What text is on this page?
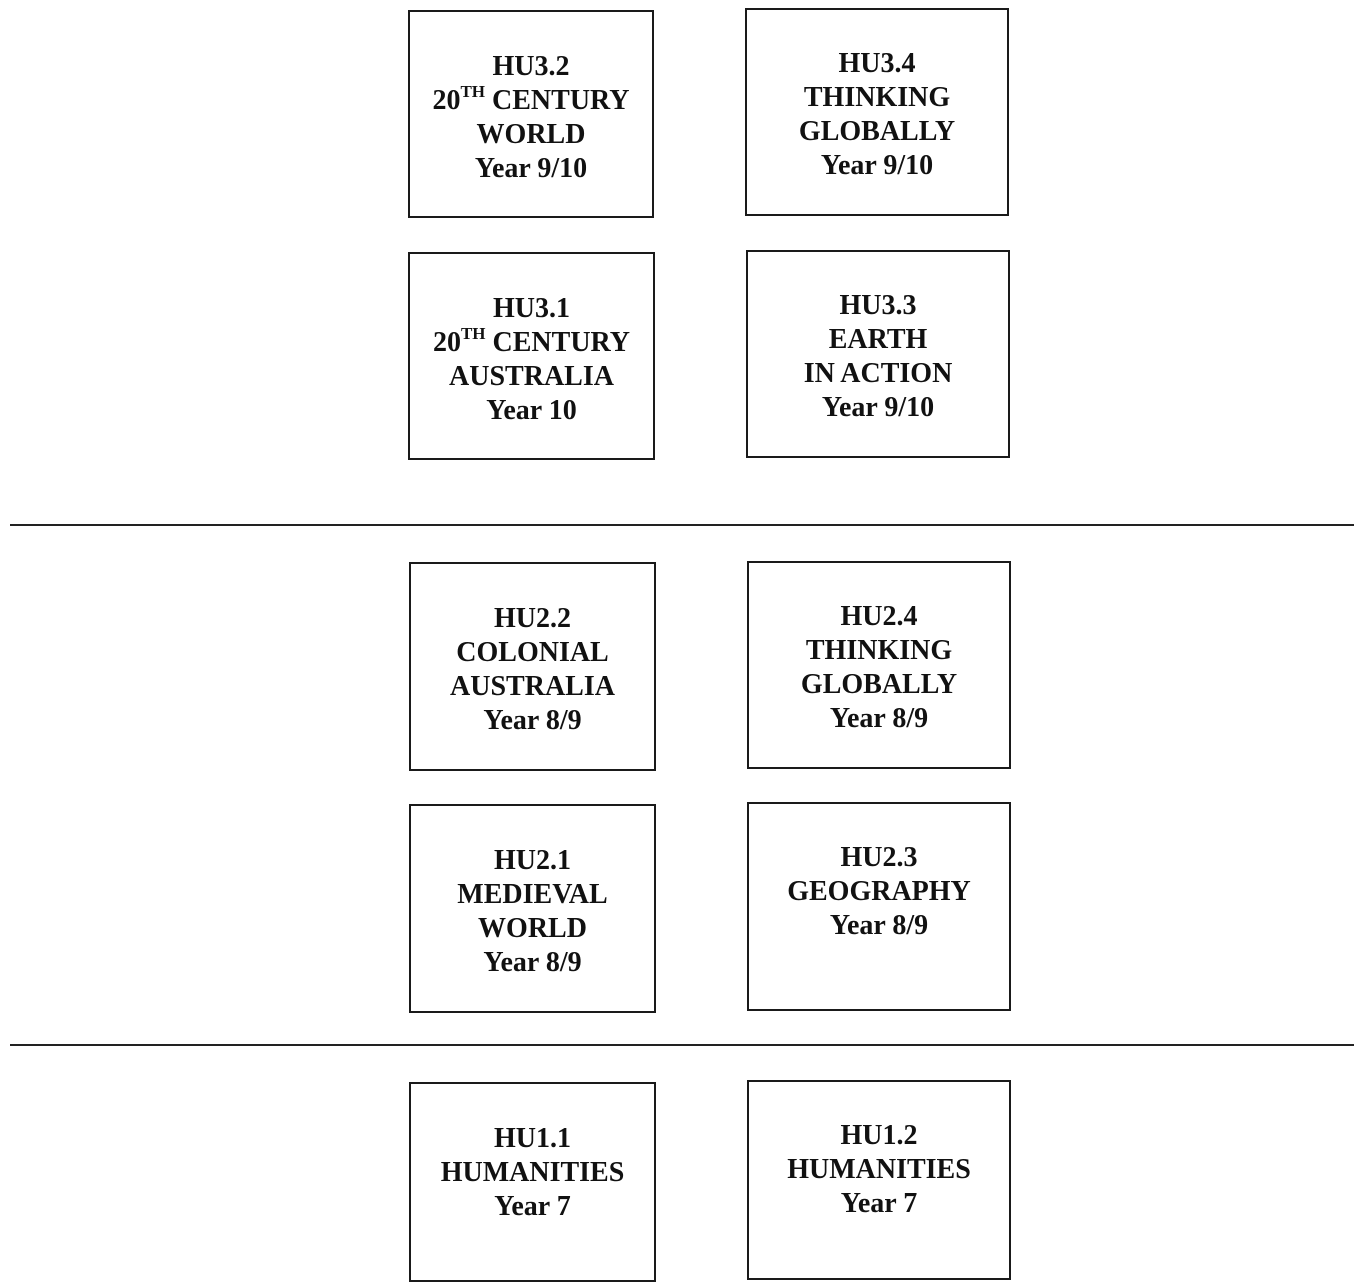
HU3.2
20TH CENTURY
WORLD
Year 9/10
HU3.4
THINKING
GLOBALLY
Year 9/10
HU3.1
20TH CENTURY
AUSTRALIA
Year 10
HU3.3
EARTH
IN ACTION
Year 9/10
HU2.2
COLONIAL
AUSTRALIA
Year 8/9
HU2.4
THINKING
GLOBALLY
Year 8/9
HU2.1
MEDIEVAL
WORLD
Year 8/9
HU2.3
GEOGRAPHY
Year 8/9
HU1.1
HUMANITIES
Year 7
HU1.2
HUMANITIES
Year 7
